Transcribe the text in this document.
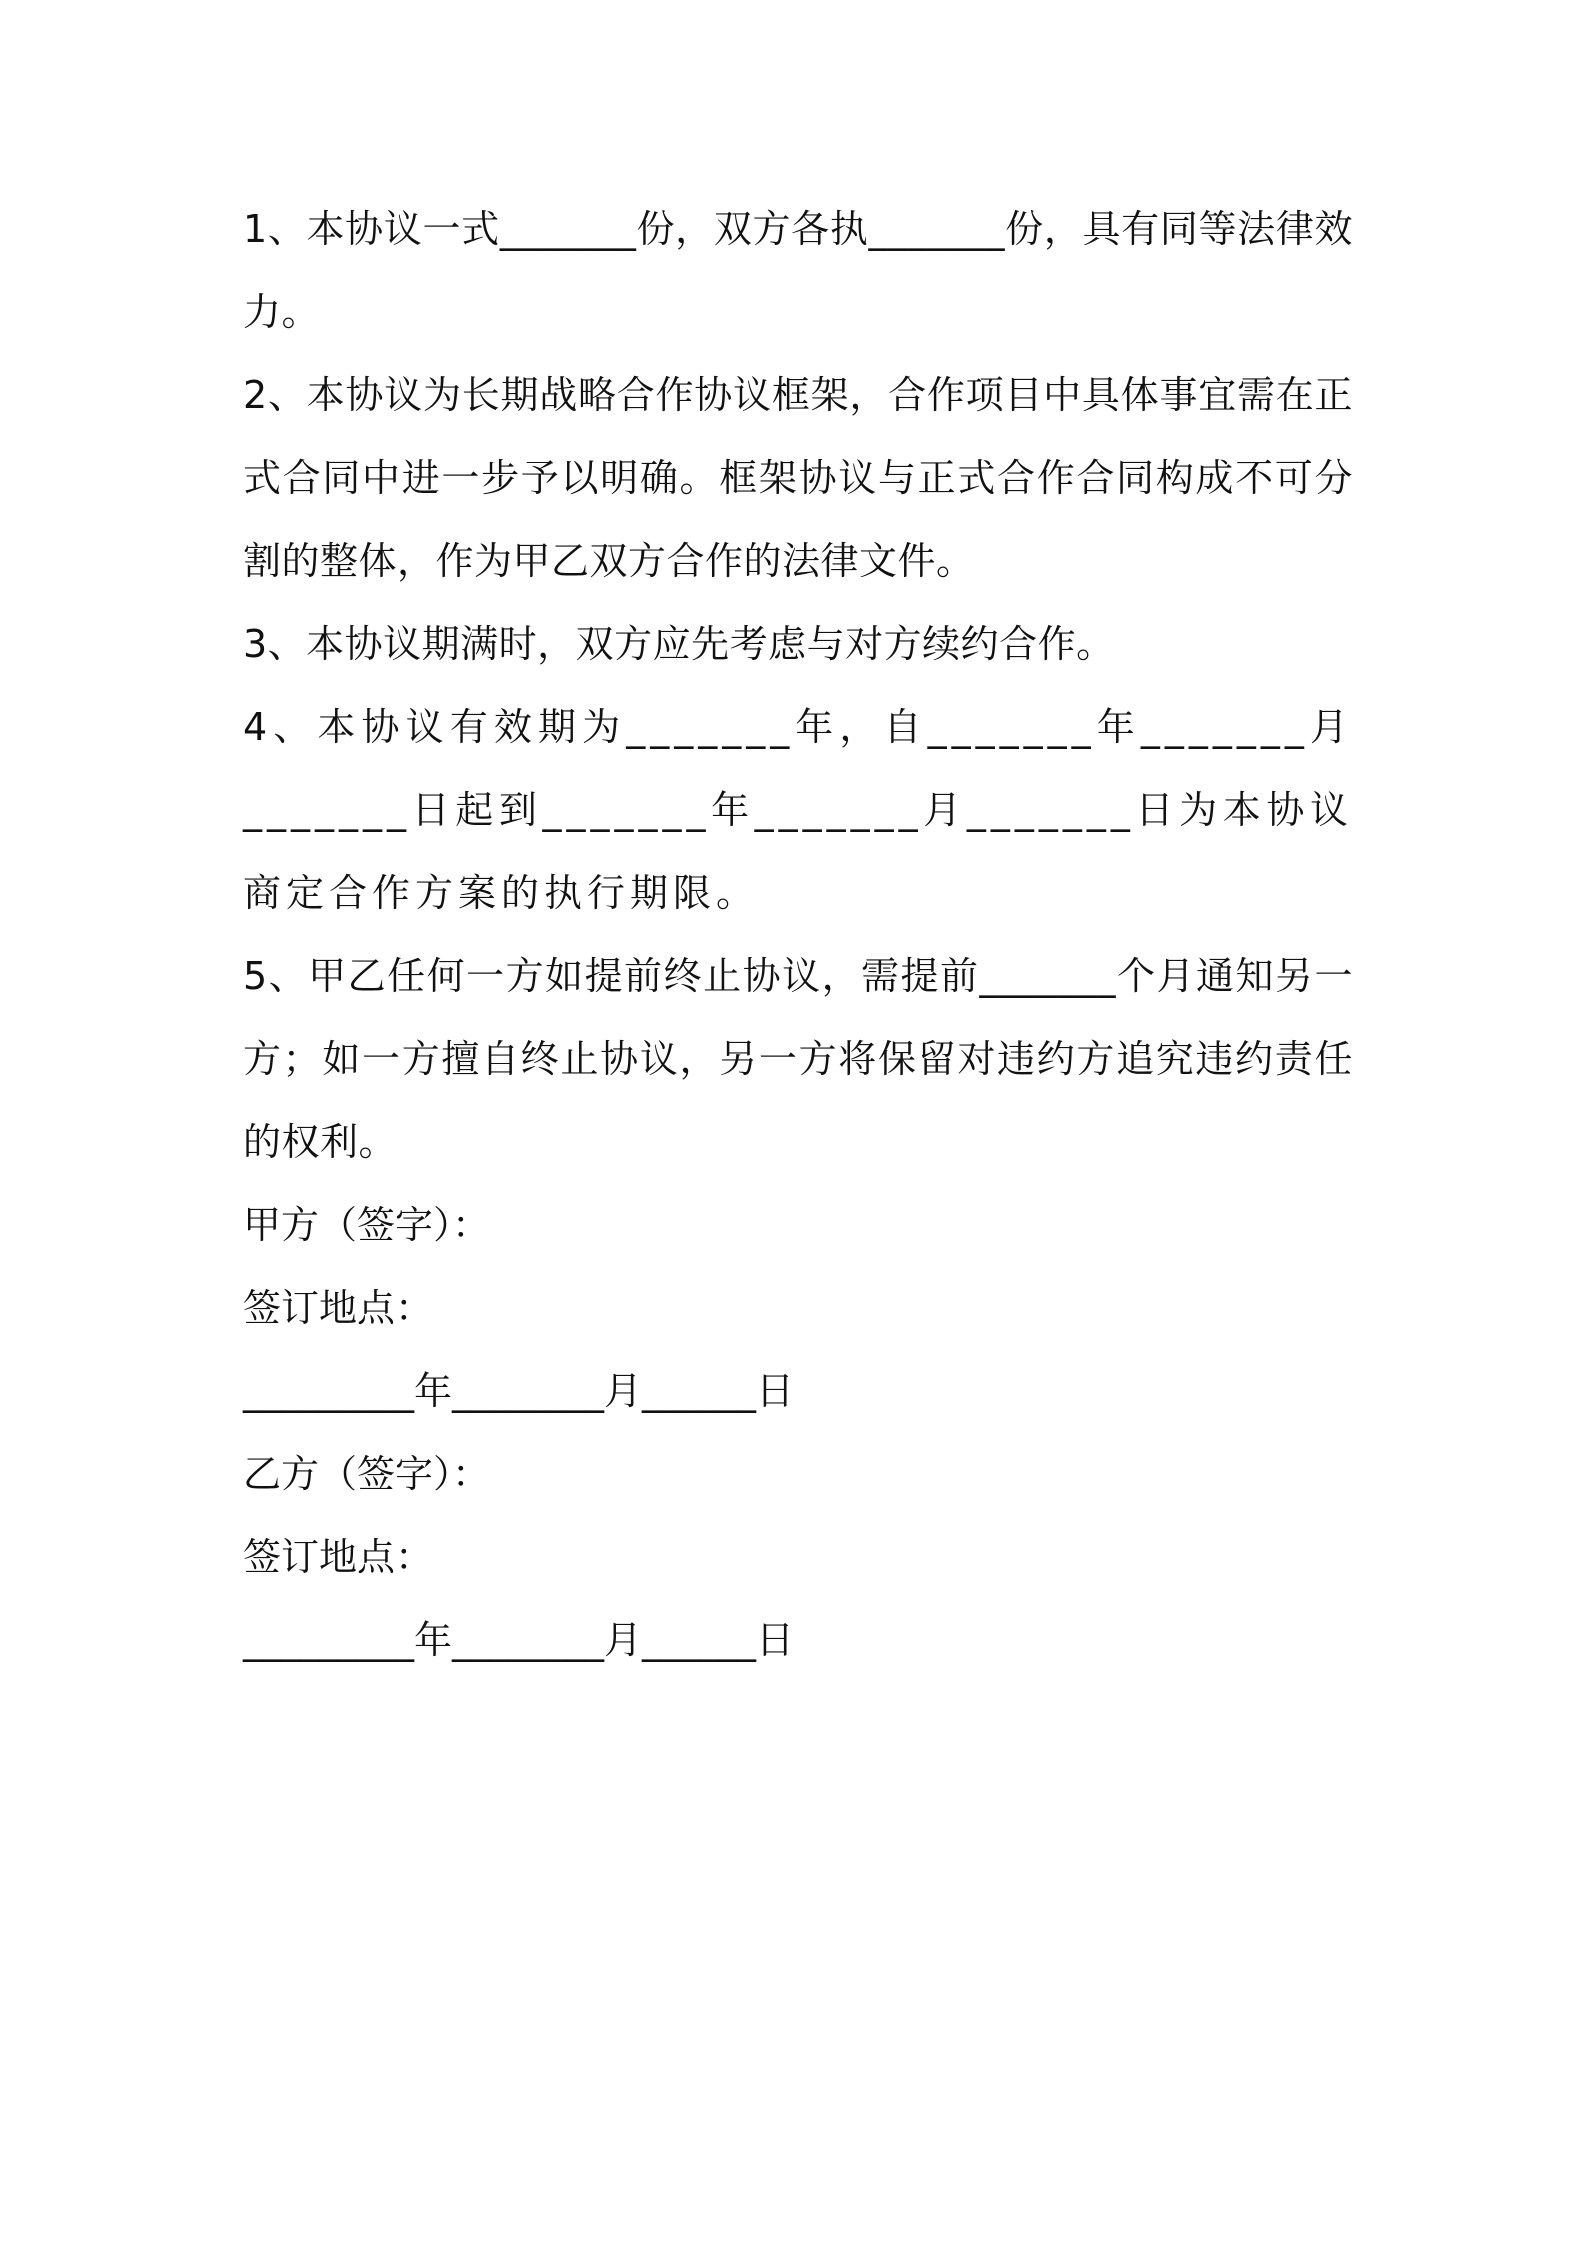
1、本协议一式_______份，双方各执_______份，具有同等法律效力。

2、本协议为长期战略合作协议框架，合作项目中具体事宜需在正式合同中进一步予以明确。框架协议与正式合作合同构成不可分割的整体，作为甲乙双方合作的法律文件。

3、本协议期满时，双方应先考虑与对方续约合作。

4、本协议有效期为_______年，自_______年_______月_______日起到_______年_______月_______日为本协议商定合作方案的执行期限。

5、甲乙任何一方如提前终止协议，需提前_______个月通知另一方；如一方擅自终止协议，另一方将保留对违约方追究违约责任的权利。

甲方（签字）：

签订地点：

_________年________月______日

乙方（签字）：

签订地点：

_________年________月______日
